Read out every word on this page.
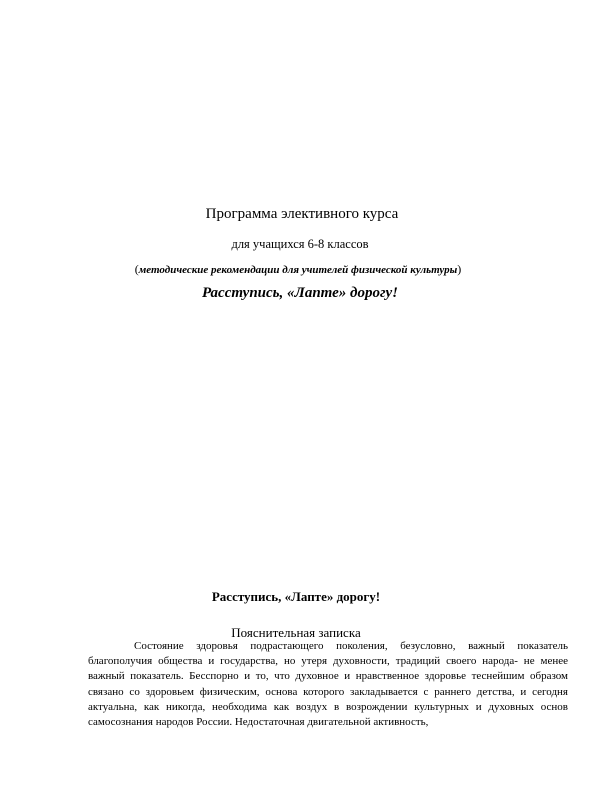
Программа элективного курса
для учащихся 6-8 классов
(методические рекомендации для учителей физической культуры)
Расступись, «Лапте» дорогу!
Расступись, «Лапте» дорогу!
Пояснительная записка

Состояние здоровья подрастающего поколения, безусловно, важный показатель благополучия общества и государства, но утеря духовности, традиций своего народа- не менее важный показатель. Бесспорно и то, что духовное и нравственное здоровье теснейшим образом связано со здоровьем физическим, основа которого закладывается с раннего детства, и сегодня актуальна, как никогда, необходима как воздух в возрождении культурных и духовных основ самосознания народов России. Недостаточная двигательной активность,
